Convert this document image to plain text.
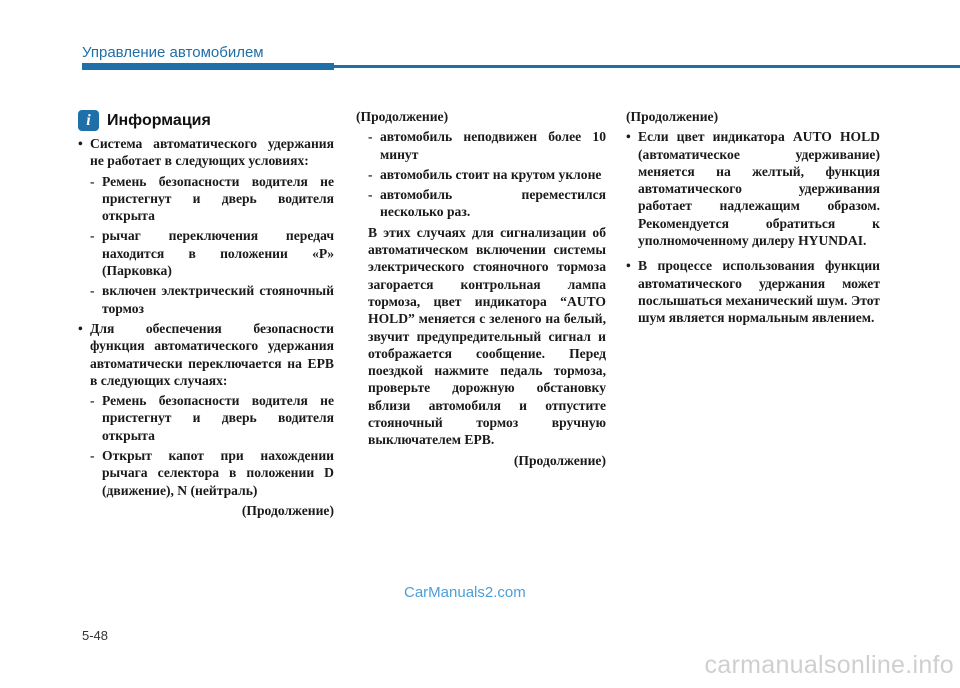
Управление автомобилем
i	Информация
• Система автоматического удержания не работает в следующих условиях:
- Ремень безопасности водителя не пристегнут и дверь водителя открыта
- рычаг переключения передач находится в положении «P» (Парковка)
- включен электрический стояночный тормоз
• Для обеспечения безопасности функция автоматического удержания автоматически переключается на EPB в следующих случаях:
- Ремень безопасности водителя не пристегнут и дверь водителя открыта
- Открыт капот при нахождении рычага селектора в положении D (движение), N (нейтраль)
(Продолжение)
(Продолжение)
- автомобиль неподвижен более 10 минут
- автомобиль стоит на крутом уклоне
- автомобиль переместился несколько раз.
В этих случаях для сигнализации об автоматическом включении системы электрического стояночного тормоза загорается контрольная лампа тормоза, цвет индикатора “AUTO HOLD” меняется с зеленого на белый, звучит предупредительный сигнал и отображается сообщение. Перед поездкой нажмите педаль тормоза, проверьте дорожную обстановку вблизи автомобиля и отпустите стояночный тормоз вручную выключателем EPB.
(Продолжение)
(Продолжение)
• Если цвет индикатора AUTO HOLD (автоматическое удерживание) меняется на желтый, функция автоматического удерживания работает надлежащим образом. Рекомендуется обратиться к уполномоченному дилеру HYUNDAI.
• В процессе использования функции автоматического удержания может послышаться механический шум. Этот шум является нормальным явлением.
CarManuals2.com
5-48
carmanualsonline.info
